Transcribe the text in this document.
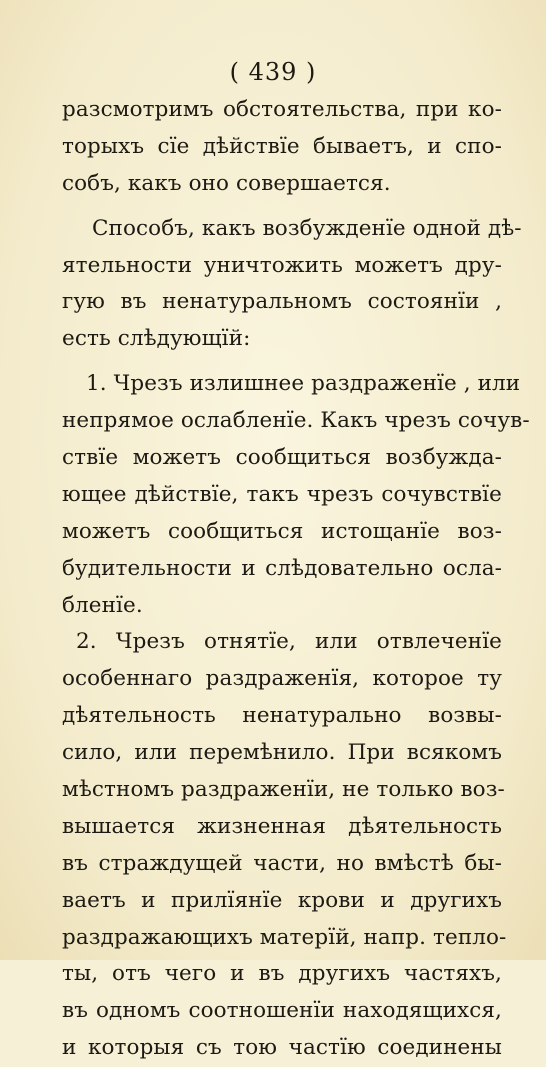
( 439 )
разсмотримъ обстоятельства, при ко-
торыхъ сїе дѣйствїе бываетъ, и спо-
собъ, какъ оно совершается.
Способъ, какъ возбужденїе одной дѣ-
ятельности уничтожить можетъ дру-
гую въ ненатуральномъ состоянїи ,
есть слѣдующїй:
1. Чрезъ излишнее раздраженїе , или
непрямое ослабленїе. Какъ чрезъ сочув-
ствїе можетъ сообщиться возбужда-
ющее дѣйствїе, такъ чрезъ сочувствїе
можетъ сообщиться истощанїе воз-
будительности и слѣдовательно осла-
бленїе.
2. Чрезъ отнятїе, или отвлеченїе
особеннаго раздраженїя, которое ту
дѣятельность ненатурально возвы-
сило, или перемѣнило. При всякомъ
мѣстномъ раздраженїи, не только воз-
вышается жизненная дѣятельность
въ страждущей части, но вмѣстѣ бы-
ваетъ и прилїянїе крови и другихъ
раздражающихъ матерїй, напр. тепло-
ты, отъ чего и въ другихъ частяхъ,
въ одномъ соотношенїи находящихся,
и которыя съ тою частїю соединены
